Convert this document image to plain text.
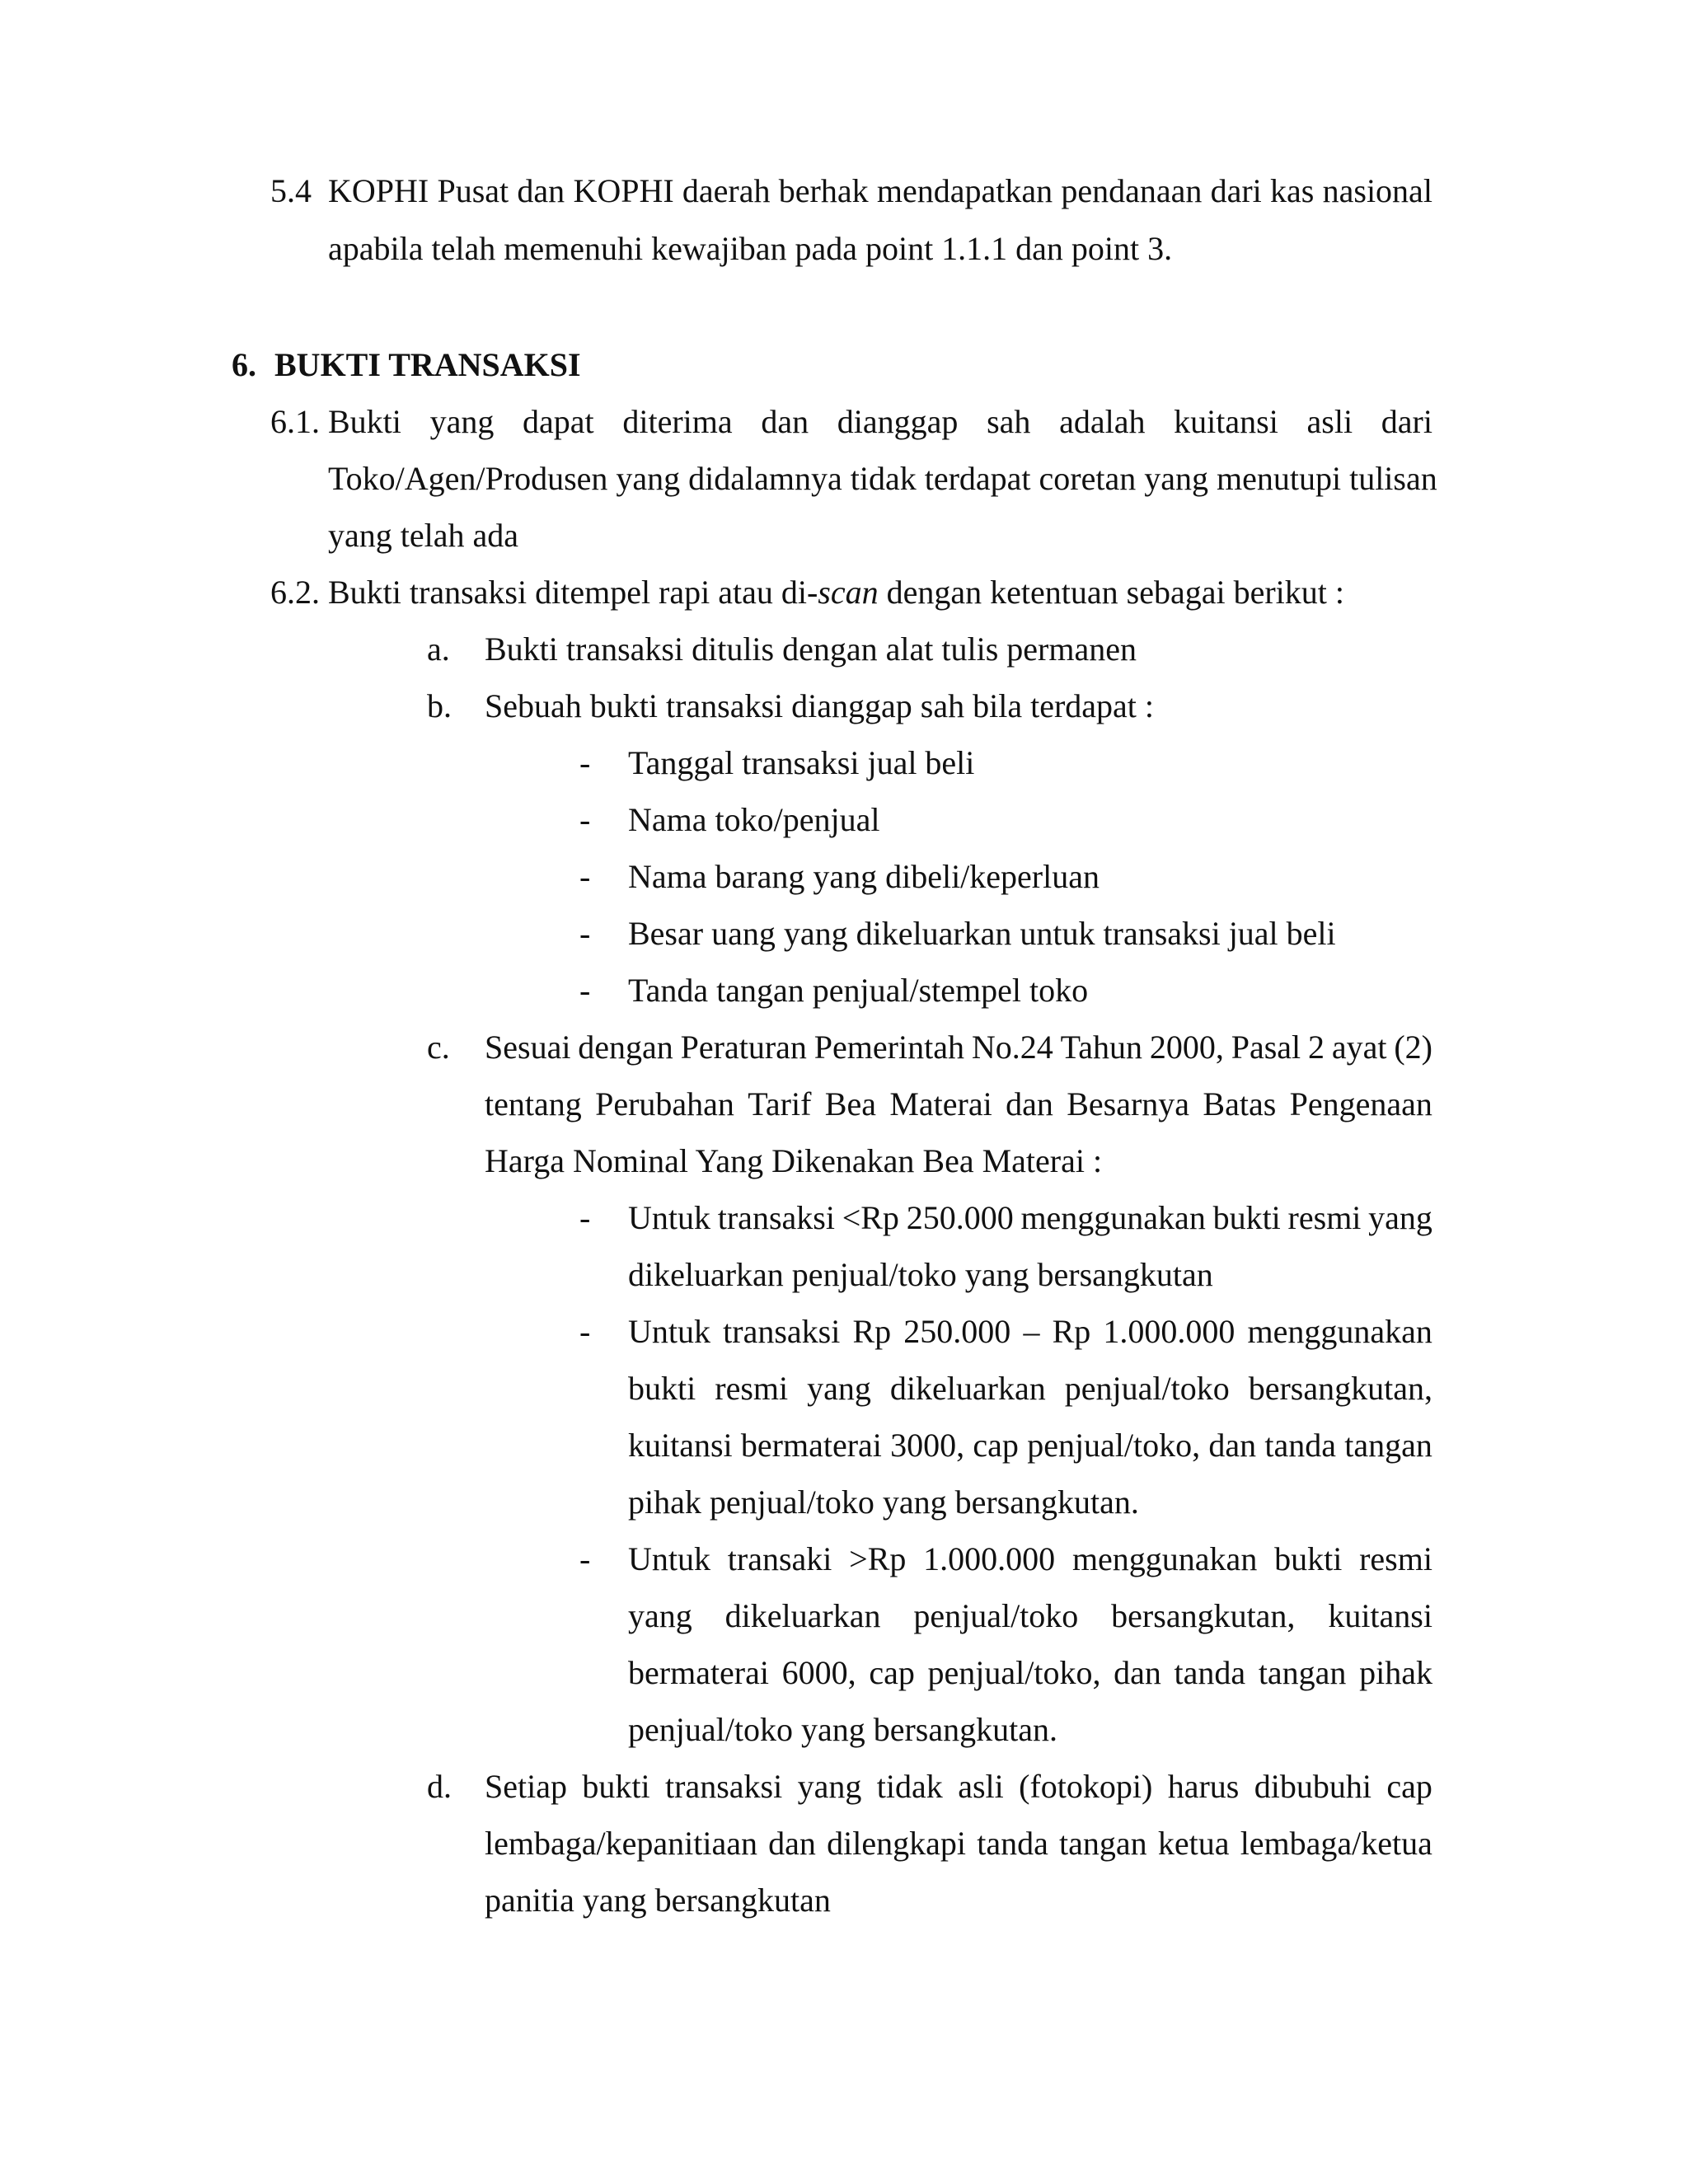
5.4 KOPHI Pusat dan KOPHI daerah berhak mendapatkan pendanaan dari kas nasional
apabila telah memenuhi kewajiban pada point 1.1.1 dan point 3.
6. BUKTI TRANSAKSI
6.1. Bukti yang dapat diterima dan dianggap sah adalah kuitansi asli dari
Toko/Agen/Produsen yang didalamnya tidak terdapat coretan yang menutupi tulisan
yang telah ada
6.2. Bukti transaksi ditempel rapi atau di-scan dengan ketentuan sebagai berikut :
a. Bukti transaksi ditulis dengan alat tulis permanen
b. Sebuah bukti transaksi dianggap sah bila terdapat :
- Tanggal transaksi jual beli
- Nama toko/penjual
- Nama barang yang dibeli/keperluan
- Besar uang yang dikeluarkan untuk transaksi jual beli
- Tanda tangan penjual/stempel toko
c. Sesuai dengan Peraturan Pemerintah No.24 Tahun 2000, Pasal 2 ayat (2)
tentang Perubahan Tarif Bea Materai dan Besarnya Batas Pengenaan
Harga Nominal Yang Dikenakan Bea Materai :
- Untuk transaksi <Rp 250.000 menggunakan bukti resmi yang
dikeluarkan penjual/toko yang bersangkutan
- Untuk transaksi Rp 250.000 – Rp 1.000.000 menggunakan
bukti resmi yang dikeluarkan penjual/toko bersangkutan,
kuitansi bermaterai 3000, cap penjual/toko, dan tanda tangan
pihak penjual/toko yang bersangkutan.
- Untuk transaki >Rp 1.000.000 menggunakan bukti resmi
yang dikeluarkan penjual/toko bersangkutan, kuitansi
bermaterai 6000, cap penjual/toko, dan tanda tangan pihak
penjual/toko yang bersangkutan.
d. Setiap bukti transaksi yang tidak asli (fotokopi) harus dibubuhi cap
lembaga/kepanitiaan dan dilengkapi tanda tangan ketua lembaga/ketua
panitia yang bersangkutan
